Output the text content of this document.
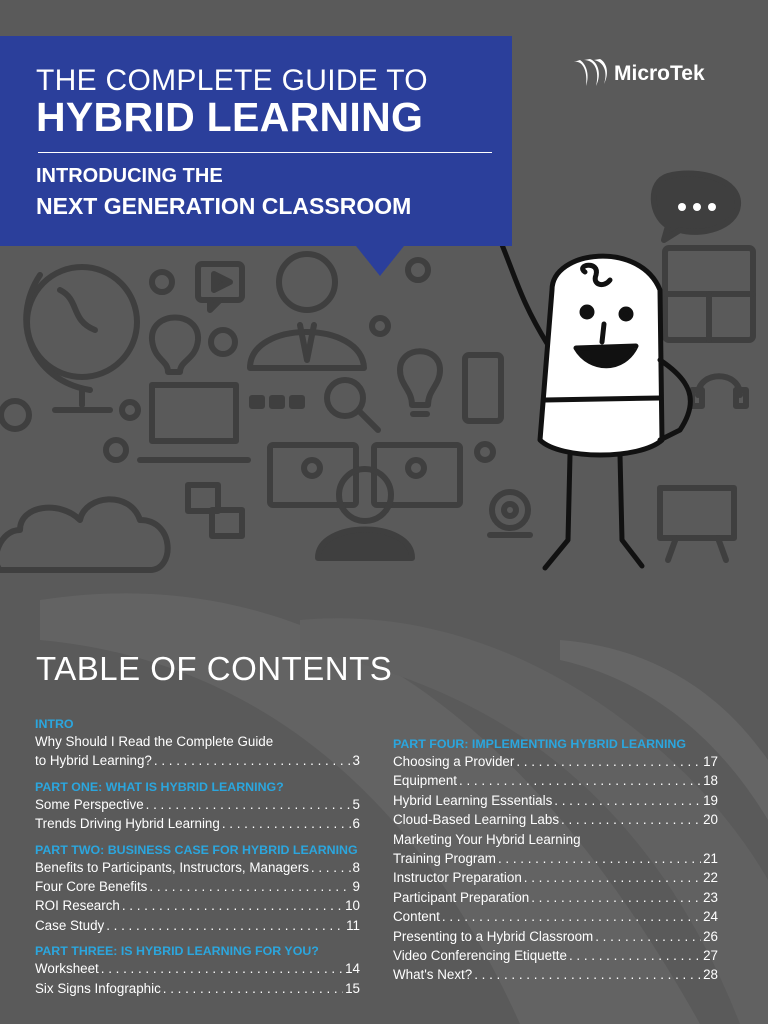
THE COMPLETE GUIDE TO
HYBRID LEARNING
INTRODUCING THE
NEXT GENERATION CLASSROOM
MicroTek
TABLE OF CONTENTS
INTRO
Why Should I Read the Complete Guide
to Hybrid Learning? . . .	3
PART ONE: WHAT IS HYBRID LEARNING?
Some Perspective . . .	5
Trends Driving Hybrid Learning . . .	6
PART TWO: BUSINESS CASE FOR HYBRID LEARNING
Benefits to Participants, Instructors, Managers . . .	8
Four Core Benefits . . .	9
ROI Research . . .	10
Case Study . . .	11
PART THREE: IS HYBRID LEARNING FOR YOU?
Worksheet . . .	14
Six Signs Infographic . . .	15
PART FOUR: IMPLEMENTING HYBRID LEARNING
Choosing a Provider . . .	17
Equipment . . .	18
Hybrid Learning Essentials . . .	19
Cloud-Based Learning Labs . . .	20
Marketing Your Hybrid Learning
Training Program . . .	21
Instructor Preparation . . .	22
Participant Preparation . . .	23
Content . . .	24
Presenting to a Hybrid Classroom . . .	26
Video Conferencing Etiquette . . .	27
What's Next? . . .	28
